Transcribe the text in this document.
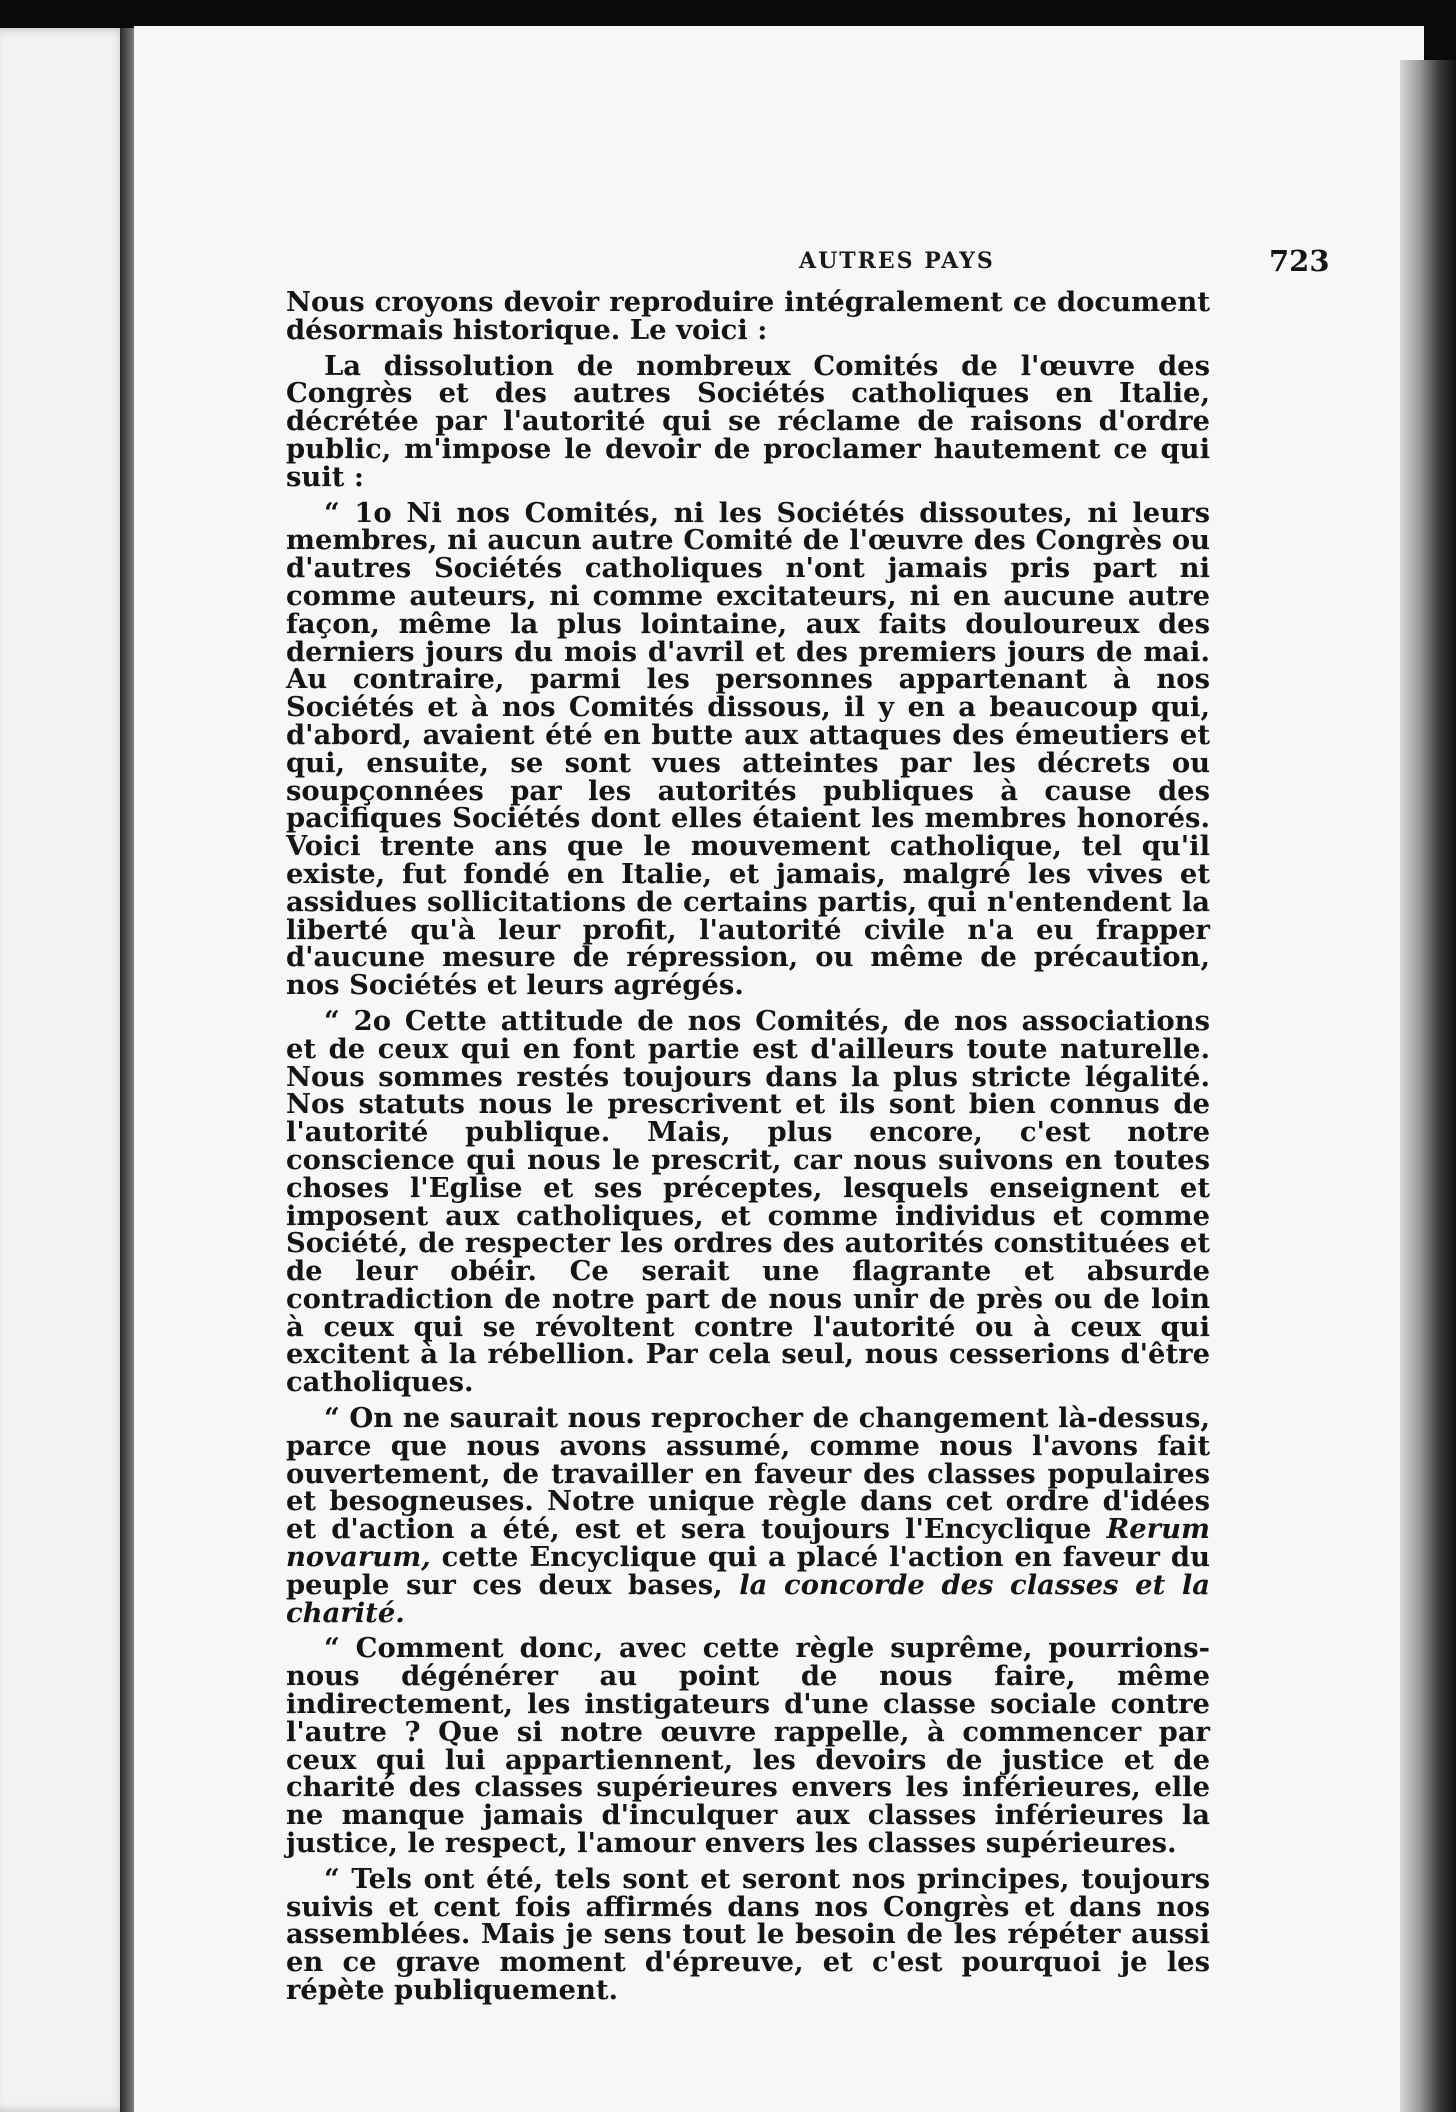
AUTRES PAYS	723

Nous croyons devoir reproduire intégralement ce document désormais historique. Le voici :

La dissolution de nombreux Comités de l'œuvre des Congrès et des autres Sociétés catholiques en Italie, décrétée par l'autorité qui se réclame de raisons d'ordre public, m'impose le devoir de proclamer hautement ce qui suit :

“ 1o Ni nos Comités, ni les Sociétés dissoutes, ni leurs membres, ni aucun autre Comité de l'œuvre des Congrès ou d'autres Sociétés catholiques n'ont jamais pris part ni comme auteurs, ni comme excitateurs, ni en aucune autre façon, même la plus lointaine, aux faits douloureux des derniers jours du mois d'avril et des premiers jours de mai. Au contraire, parmi les personnes appartenant à nos Sociétés et à nos Comités dissous, il y en a beaucoup qui, d'abord, avaient été en butte aux attaques des émeutiers et qui, ensuite, se sont vues atteintes par les décrets ou soupçonnées par les autorités publiques à cause des pacifiques Sociétés dont elles étaient les membres honorés. Voici trente ans que le mouvement catholique, tel qu'il existe, fut fondé en Italie, et jamais, malgré les vives et assidues sollicitations de certains partis, qui n'entendent la liberté qu'à leur profit, l'autorité civile n'a eu frapper d'aucune mesure de répression, ou même de précaution, nos Sociétés et leurs agrégés.

“ 2o Cette attitude de nos Comités, de nos associations et de ceux qui en font partie est d'ailleurs toute naturelle. Nous sommes restés toujours dans la plus stricte légalité. Nos statuts nous le prescrivent et ils sont bien connus de l'autorité publique. Mais, plus encore, c'est notre conscience qui nous le prescrit, car nous suivons en toutes choses l'Eglise et ses préceptes, lesquels enseignent et imposent aux catholiques, et comme individus et comme Société, de respecter les ordres des autorités constituées et de leur obéir. Ce serait une flagrante et absurde contradiction de notre part de nous unir de près ou de loin à ceux qui se révoltent contre l'autorité ou à ceux qui excitent à la rébellion. Par cela seul, nous cesserions d'être catholiques.

“ On ne saurait nous reprocher de changement là-dessus, parce que nous avons assumé, comme nous l'avons fait ouvertement, de travailler en faveur des classes populaires et besogneuses. Notre unique règle dans cet ordre d'idées et d'action a été, est et sera toujours l'Encyclique Rerum novarum, cette Encyclique qui a placé l'action en faveur du peuple sur ces deux bases, la concorde des classes et la charité.

“ Comment donc, avec cette règle suprême, pourrions-nous dégénérer au point de nous faire, même indirectement, les instigateurs d'une classe sociale contre l'autre ? Que si notre œuvre rappelle, à commencer par ceux qui lui appartiennent, les devoirs de justice et de charité des classes supérieures envers les inférieures, elle ne manque jamais d'inculquer aux classes inférieures la justice, le respect, l'amour envers les classes supérieures.

“ Tels ont été, tels sont et seront nos principes, toujours suivis et cent fois affirmés dans nos Congrès et dans nos assemblées. Mais je sens tout le besoin de les répéter aussi en ce grave moment d'épreuve, et c'est pourquoi je les répète publiquement.
